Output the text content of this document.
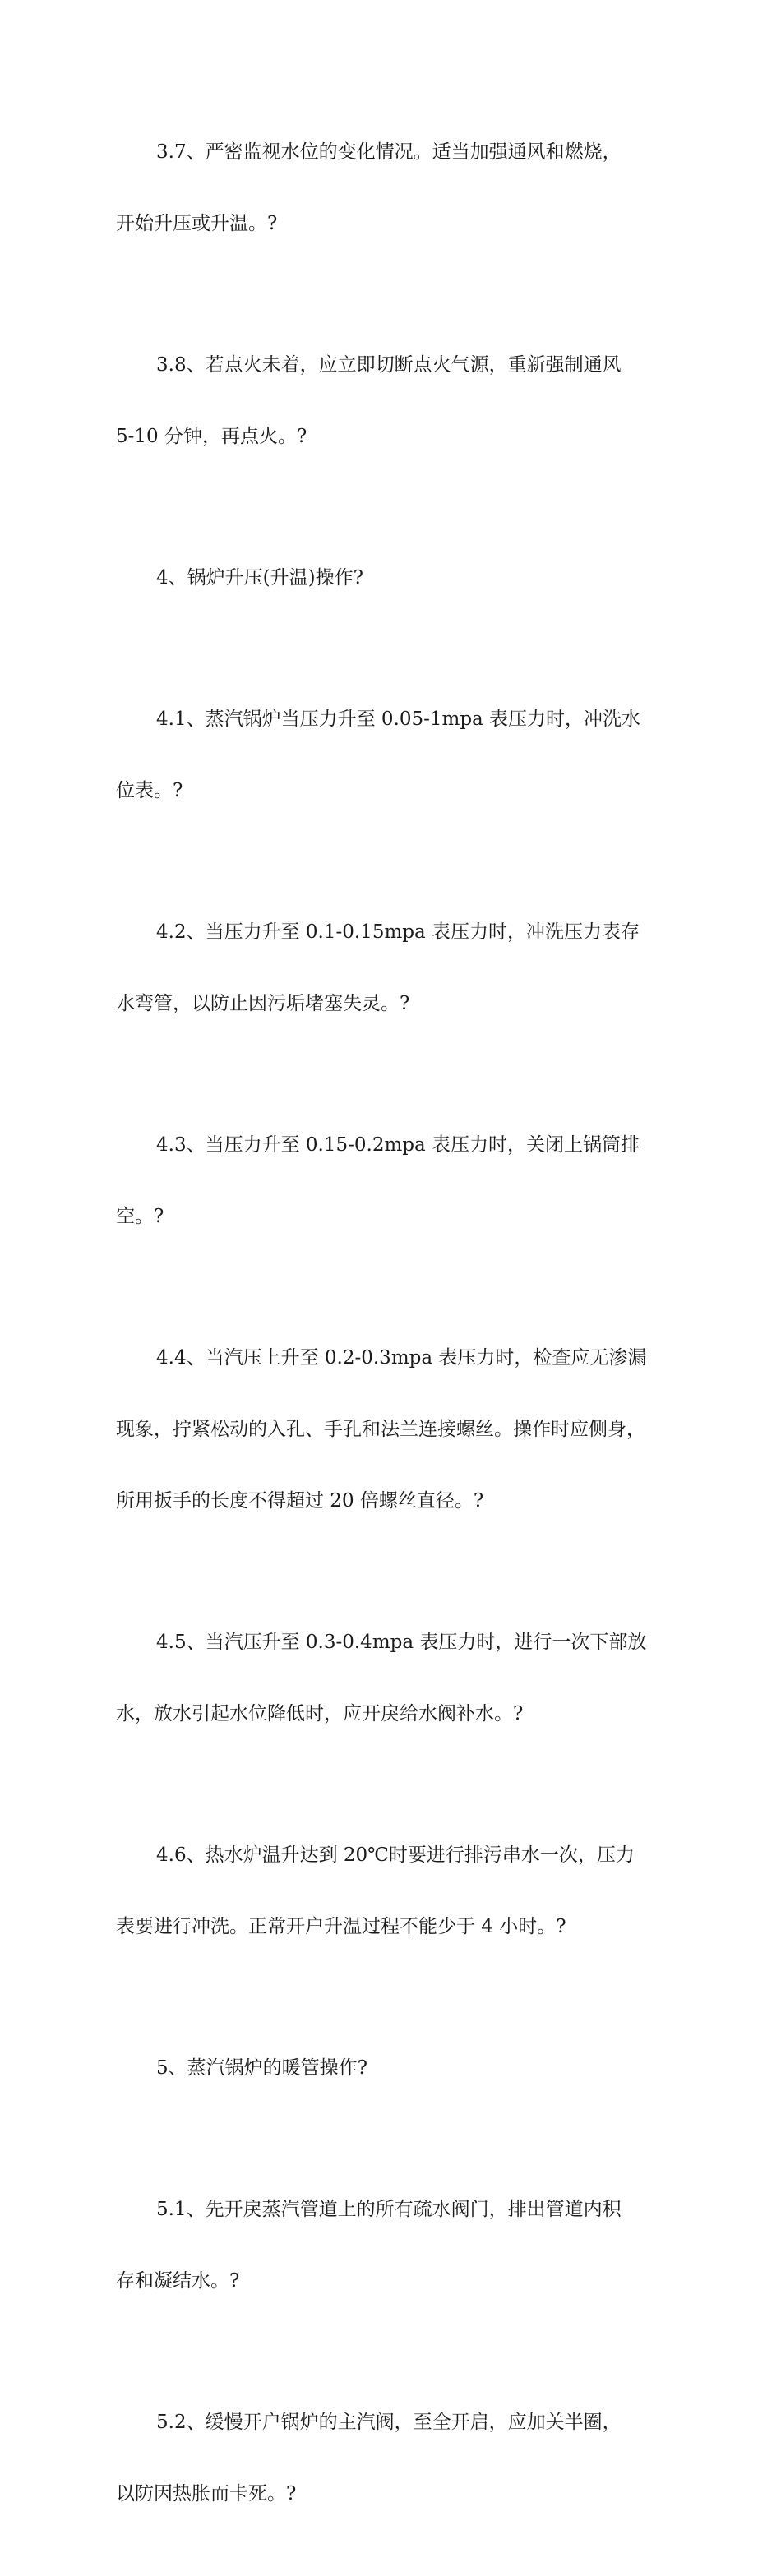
3.7、严密监视水位的变化情况。适当加强通风和燃烧，

开始升压或升温。?

3.8、若点火未着，应立即切断点火气源，重新强制通风

5-10 分钟，再点火。?

4、锅炉升压(升温)操作?

4.1、蒸汽锅炉当压力升至 0.05-1mpa 表压力时，冲洗水

位表。?

4.2、当压力升至 0.1-0.15mpa 表压力时，冲洗压力表存

水弯管，以防止因污垢堵塞失灵。?

4.3、当压力升至 0.15-0.2mpa 表压力时，关闭上锅筒排

空。?

4.4、当汽压上升至 0.2-0.3mpa 表压力时，检查应无渗漏

现象，拧紧松动的入孔、手孔和法兰连接螺丝。操作时应侧身，

所用扳手的长度不得超过 20 倍螺丝直径。?

4.5、当汽压升至 0.3-0.4mpa 表压力时，进行一次下部放

水，放水引起水位降低时，应开戾给水阀补水。?

4.6、热水炉温升达到 20℃时要进行排污串水一次，压力

表要进行冲洗。正常开户升温过程不能少于 4 小时。?

5、蒸汽锅炉的暖管操作?

5.1、先开戾蒸汽管道上的所有疏水阀门，排出管道内积

存和凝结水。?

5.2、缓慢开户锅炉的主汽阀，至全开启，应加关半圈，

以防因热胀而卡死。?
